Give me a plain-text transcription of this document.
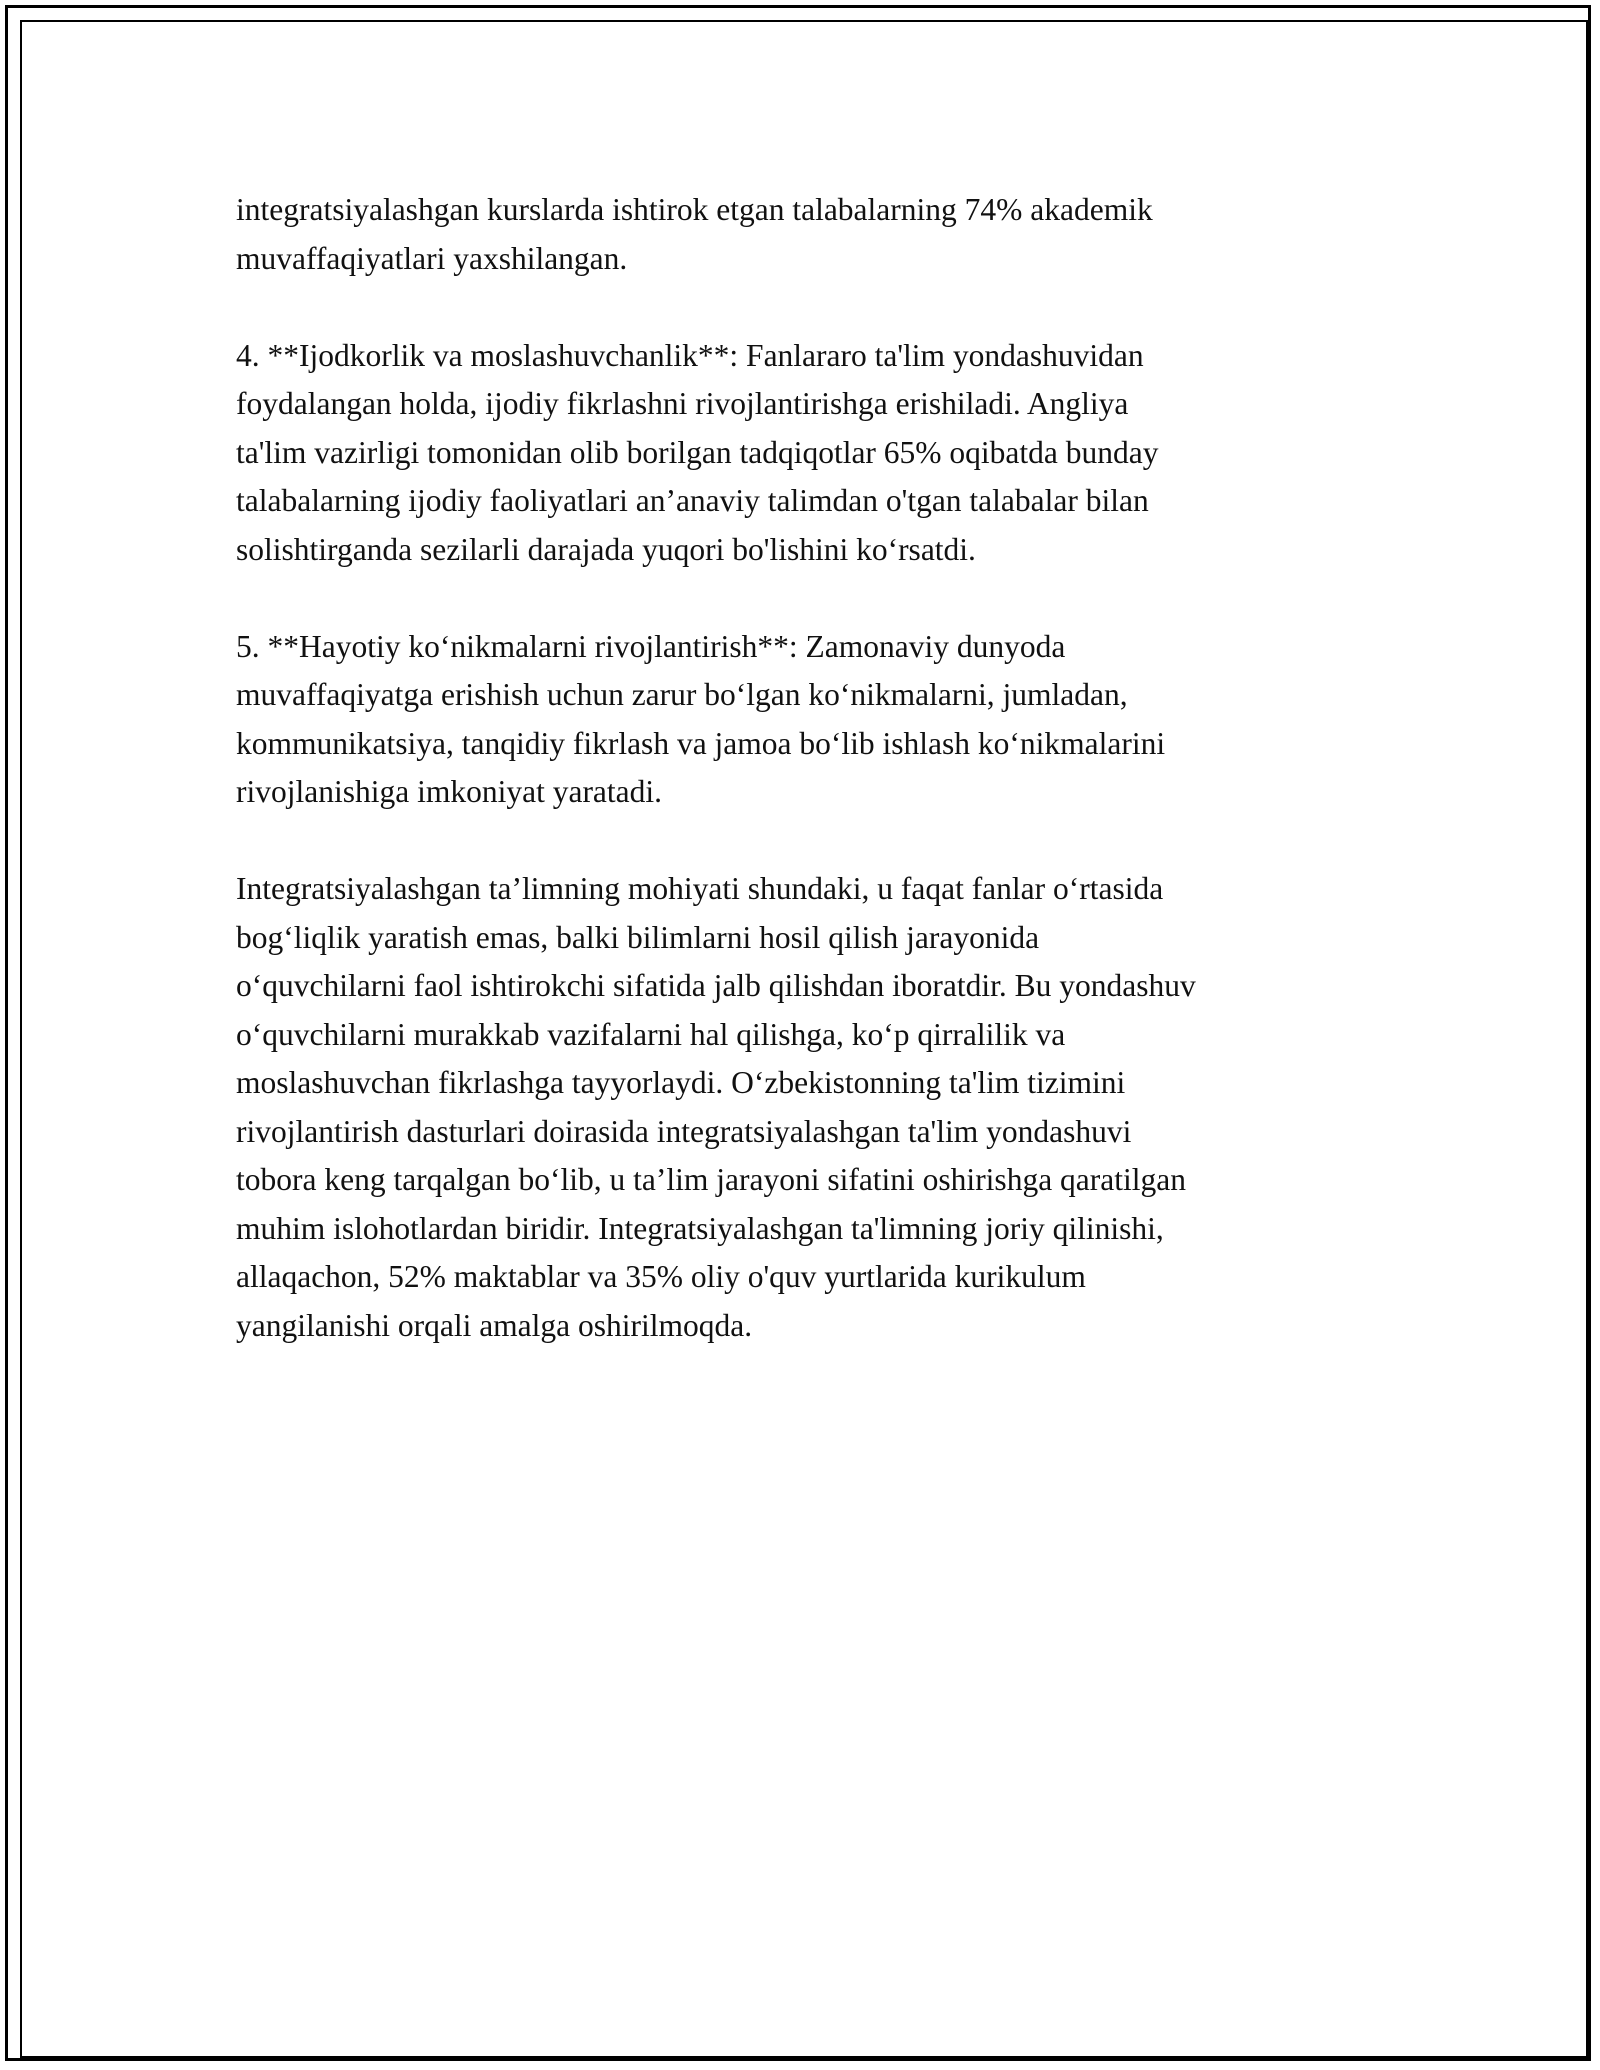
integratsiyalashgan kurslarda ishtirok etgan talabalarning 74% akademik
muvaffaqiyatlari yaxshilangan.

4. **Ijodkorlik va moslashuvchanlik**: Fanlararo ta'lim yondashuvidan
foydalangan holda, ijodiy fikrlashni rivojlantirishga erishiladi. Angliya
ta'lim vazirligi tomonidan olib borilgan tadqiqotlar 65% oqibatda bunday
talabalarning ijodiy faoliyatlari an’anaviy talimdan o'tgan talabalar bilan
solishtirganda sezilarli darajada yuqori bo'lishini ko‘rsatdi.

5. **Hayotiy ko‘nikmalarni rivojlantirish**: Zamonaviy dunyoda
muvaffaqiyatga erishish uchun zarur bo‘lgan ko‘nikmalarni, jumladan,
kommunikatsiya, tanqidiy fikrlash va jamoa bo‘lib ishlash ko‘nikmalarini
rivojlanishiga imkoniyat yaratadi.

Integratsiyalashgan ta’limning mohiyati shundaki, u faqat fanlar o‘rtasida
bog‘liqlik yaratish emas, balki bilimlarni hosil qilish jarayonida
o‘quvchilarni faol ishtirokchi sifatida jalb qilishdan iboratdir. Bu yondashuv
o‘quvchilarni murakkab vazifalarni hal qilishga, ko‘p qirralilik va
moslashuvchan fikrlashga tayyorlaydi. O‘zbekistonning ta'lim tizimini
rivojlantirish dasturlari doirasida integratsiyalashgan ta'lim yondashuvi
tobora keng tarqalgan bo‘lib, u ta’lim jarayoni sifatini oshirishga qaratilgan
muhim islohotlardan biridir. Integratsiyalashgan ta'limning joriy qilinishi,
allaqachon, 52% maktablar va 35% oliy o'quv yurtlarida kurikulum
yangilanishi orqali amalga oshirilmoqda.
